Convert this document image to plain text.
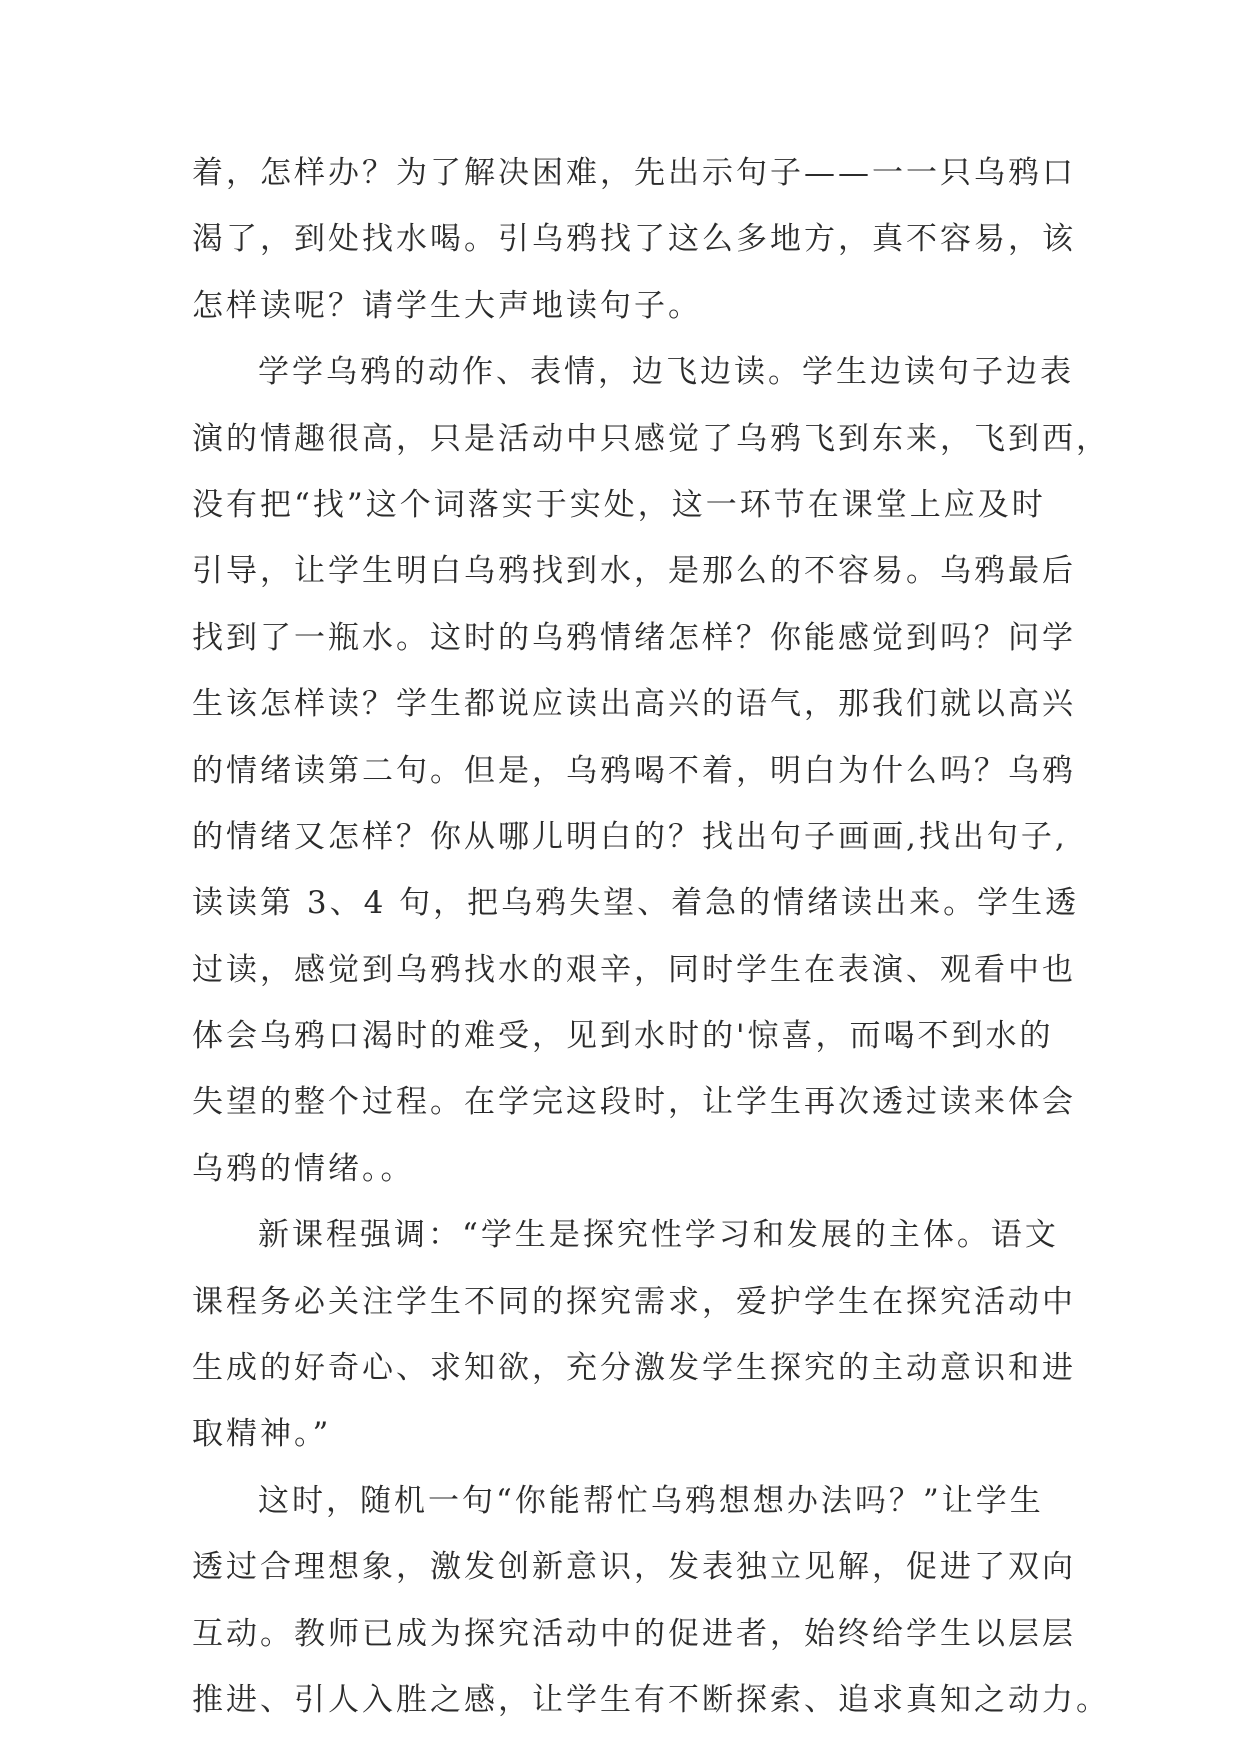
着，怎样办？为了解决困难，先出示句子——一一只乌鸦口
渴了，到处找水喝。引乌鸦找了这么多地方，真不容易，该
怎样读呢？请学生大声地读句子。
学学乌鸦的动作、表情，边飞边读。学生边读句子边表
演的情趣很高，只是活动中只感觉了乌鸦飞到东来，飞到西，
没有把“找”这个词落实于实处，这一环节在课堂上应及时
引导，让学生明白乌鸦找到水，是那么的不容易。乌鸦最后
找到了一瓶水。这时的乌鸦情绪怎样？你能感觉到吗？问学
生该怎样读？学生都说应读出高兴的语气，那我们就以高兴
的情绪读第二句。但是，乌鸦喝不着，明白为什么吗？乌鸦
的情绪又怎样？你从哪儿明白的？找出句子画画,找出句子,
读读第 3、4 句，把乌鸦失望、着急的情绪读出来。学生透
过读，感觉到乌鸦找水的艰辛，同时学生在表演、观看中也
体会乌鸦口渴时的难受，见到水时的'惊喜，而喝不到水的
失望的整个过程。在学完这段时，让学生再次透过读来体会
乌鸦的情绪。。
新课程强调：“学生是探究性学习和发展的主体。语文
课程务必关注学生不同的探究需求，爱护学生在探究活动中
生成的好奇心、求知欲，充分激发学生探究的主动意识和进
取精神。”
这时，随机一句“你能帮忙乌鸦想想办法吗？”让学生
透过合理想象，激发创新意识，发表独立见解，促进了双向
互动。教师已成为探究活动中的促进者，始终给学生以层层
推进、引人入胜之感，让学生有不断探索、追求真知之动力。
